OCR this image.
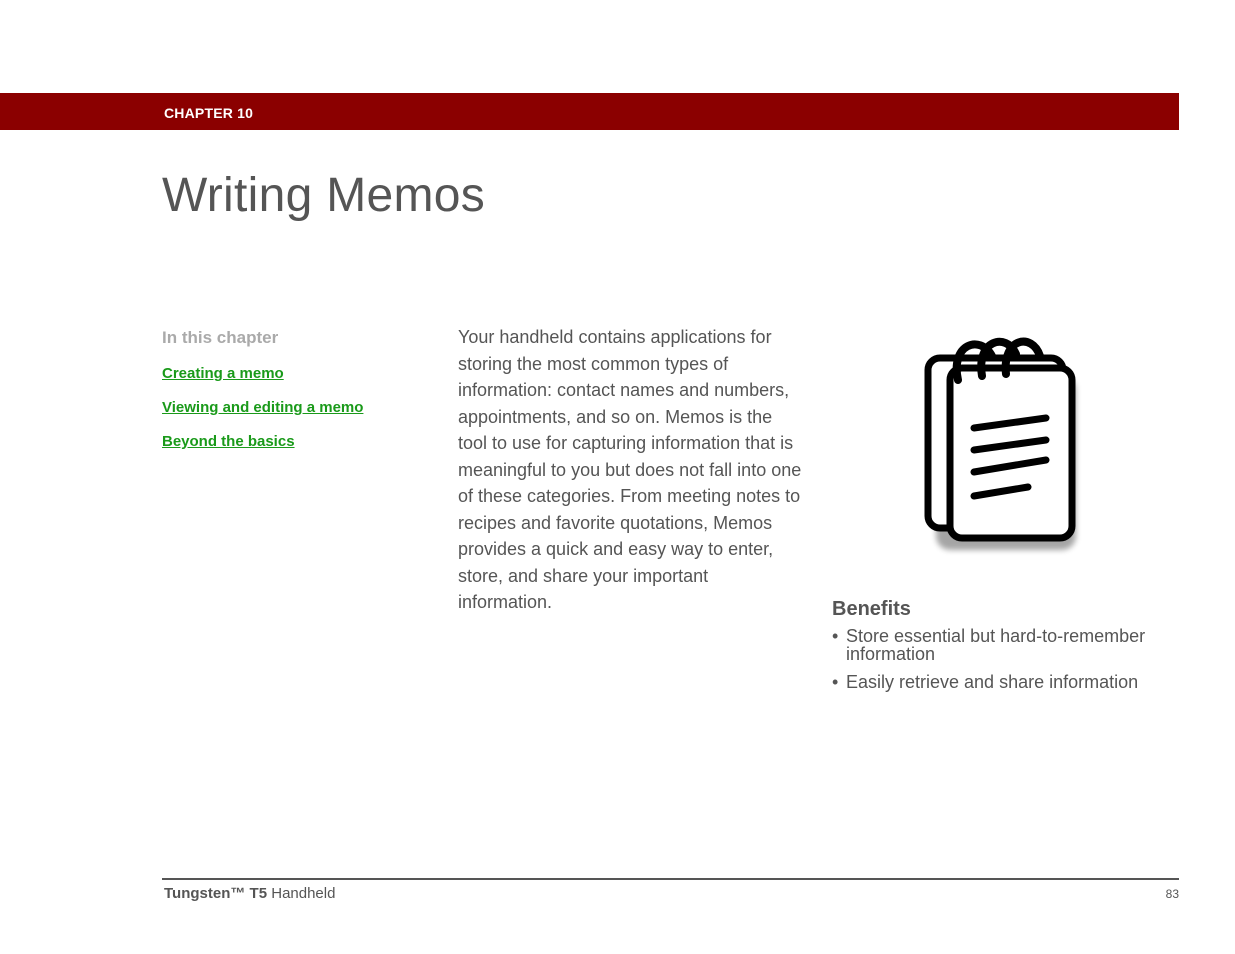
CHAPTER 10
Writing Memos
In this chapter
Creating a memo
Viewing and editing a memo
Beyond the basics

Your handheld contains applications for storing the most common types of information: contact names and numbers, appointments, and so on. Memos is the tool to use for capturing information that is meaningful to you but does not fall into one of these categories. From meeting notes to recipes and favorite quotations, Memos provides a quick and easy way to enter, store, and share your important information.	Benefits
• Store essential but hard-to-remember information
• Easily retrieve and share information
Tungsten™ T5 Handheld	83
